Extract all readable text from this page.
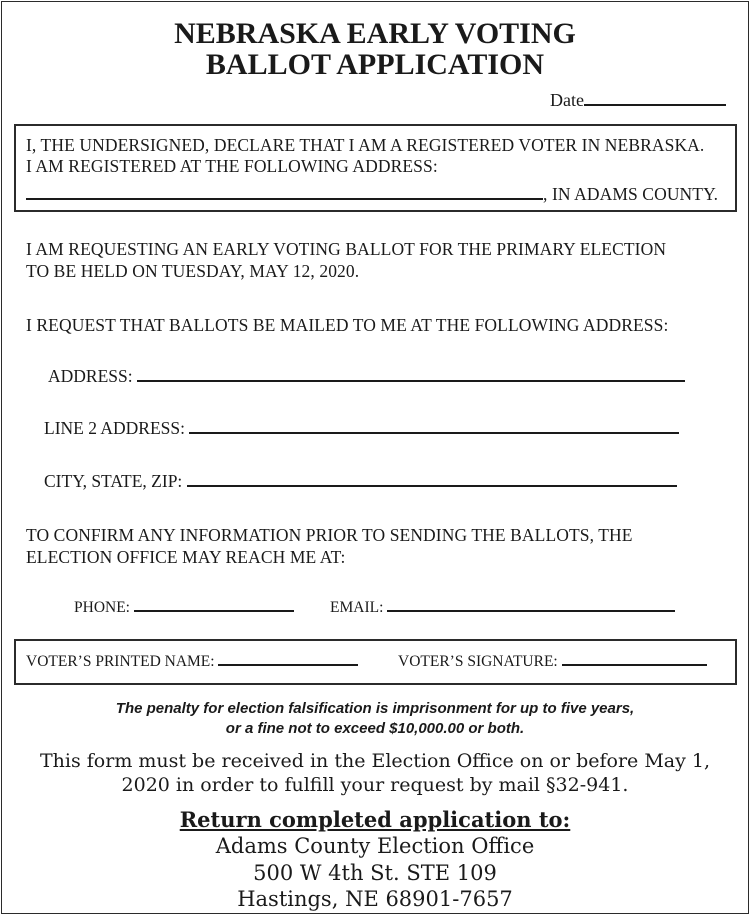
NEBRASKA EARLY VOTING
BALLOT APPLICATION
Date
I, THE UNDERSIGNED, DECLARE THAT I AM A REGISTERED VOTER IN NEBRASKA.
I AM REGISTERED AT THE FOLLOWING ADDRESS:
, IN ADAMS COUNTY.
I AM REQUESTING AN EARLY VOTING BALLOT FOR THE PRIMARY ELECTION
TO BE HELD ON TUESDAY, MAY 12, 2020.
I REQUEST THAT BALLOTS BE MAILED TO ME AT THE FOLLOWING ADDRESS:
ADDRESS:
LINE 2 ADDRESS:
CITY, STATE, ZIP:
TO CONFIRM ANY INFORMATION PRIOR TO SENDING THE BALLOTS, THE
ELECTION OFFICE MAY REACH ME AT:
PHONE:	EMAIL:
VOTER’S PRINTED NAME:	VOTER’S SIGNATURE:
The penalty for election falsification is imprisonment for up to five years,
or a fine not to exceed $10,000.00 or both.
This form must be received in the Election Office on or before May 1,
2020 in order to fulfill your request by mail §32-941.
Return completed application to:
Adams County Election Office
500 W 4th St. STE 109
Hastings, NE 68901-7657
